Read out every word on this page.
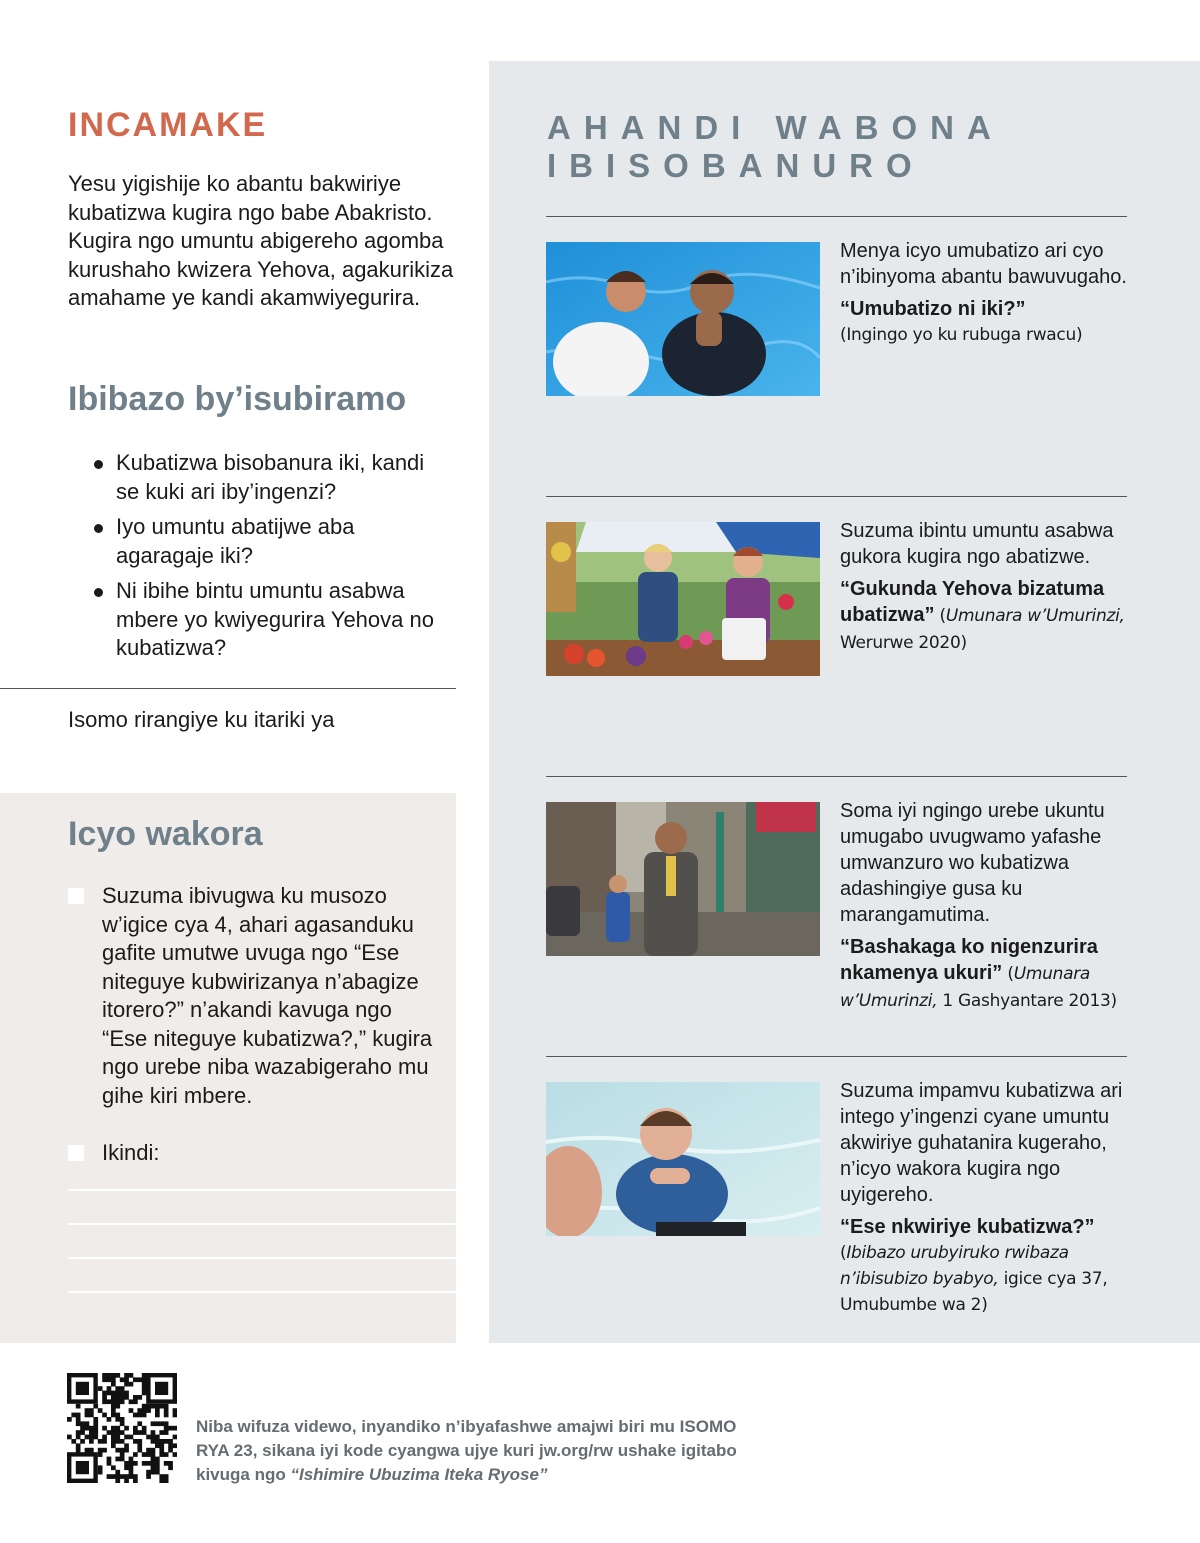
INCAMAKE

Yesu yigishije ko abantu bakwiriye kubatizwa kugira ngo babe Abakristo. Kugira ngo umuntu abigereho agomba kurushaho kwizera Yehova, agakurikiza amahame ye kandi akamwiyegurira.

Ibibazo by’isubiramo
Kubatizwa bisobanura iki, kandi se kuki ari iby’ingenzi?
Iyo umuntu abatijwe aba agaragaje iki?
Ni ibihe bintu umuntu asabwa mbere yo kwiyegurira Yehova no kubatizwa?

Isomo rirangiye ku itariki ya

Icyo wakora
Suzuma ibivugwa ku musozo w’igice cya 4, ahari agasanduku gafite umutwe uvuga ngo “Ese niteguye kubwirizanya n’abagize itorero?” n’akandi kavuga ngo “Ese niteguye kubatizwa?,” kugira ngo urebe niba wazabigeraho mu gihe kiri mbere.
Ikindi:
AHANDI WABONA
IBISOBANURO

Menya icyo umubatizo ari cyo n’ibinyoma abantu bawuvugaho.

“Umubatizo ni iki?”

(Ingingo yo ku rubuga rwacu)

Suzuma ibintu umuntu asabwa gukora kugira ngo abatizwe.

“Gukunda Yehova bizatuma ubatizwa” (Umunara w’Umurinzi, Werurwe 2020)

Soma iyi ngingo urebe ukuntu umugabo uvugwamo yafashe umwanzuro wo kubatizwa adashingiye gusa ku marangamutima.

“Bashakaga ko nigenzurira nkamenya ukuri” (Umunara w’Umurinzi, 1 Gashyantare 2013)

Suzuma impamvu kubatizwa ari intego y’ingenzi cyane umuntu akwiriye guhatanira kugeraho, n’icyo wakora kugira ngo uyigereho.

“Ese nkwiriye kubatizwa?”

(Ibibazo urubyiruko rwibaza n’ibisubizo byabyo, igice cya 37, Umubumbe wa 2)

Niba wifuza videwo, inyandiko n’ibyafashwe amajwi biri mu ISOMO RYA 23, sikana iyi kode cyangwa ujye kuri jw.org/rw ushake igitabo kivuga ngo “Ishimire Ubuzima Iteka Ryose”
